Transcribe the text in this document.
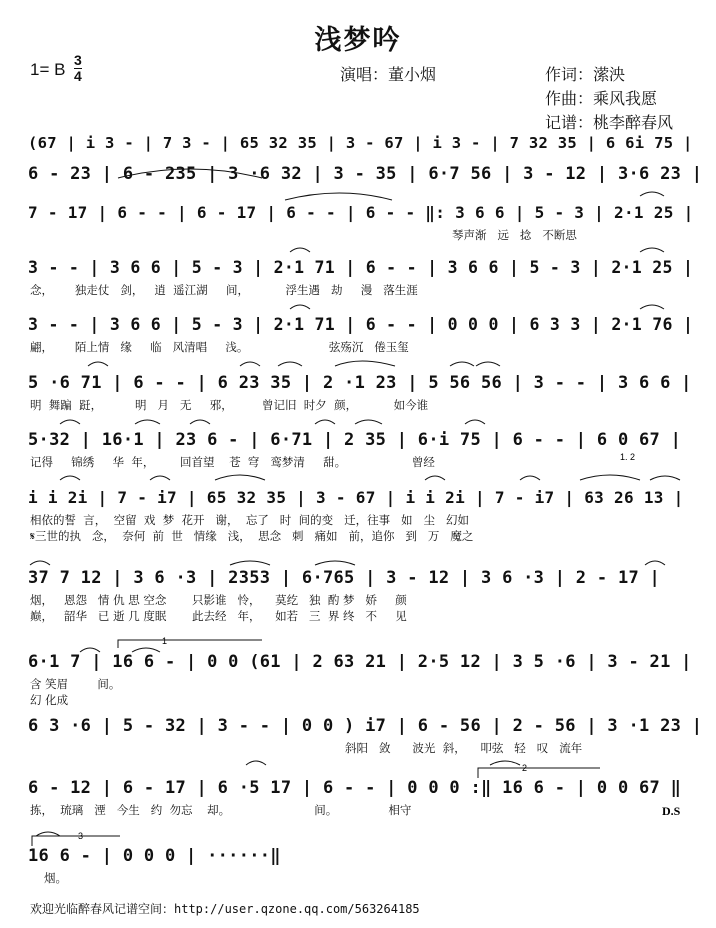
浅梦吟
1= B 3
4	演唱：董小烟	作词：潆泱
作曲：乘风我愿
记谱：桃李醉春风
(67 | i 3 - | 7 3 - | 65 32 35 | 3 - 67 | i 3 - | 7 32 35 | 6 6i 75 |
6 - 23 | 6 - 235 | 3 ·6 32 | 3 - 35 | 6·7 56 | 3 - 12 | 3·6 23 |
7 - 17 | 6 - - | 6 - 17 | 6 - - | 6 - - ‖: 3 6 6 | 5 - 3 | 2·1 25 |
琴声渐   远   捻   不断思
3 - - | 3 6 6 | 5 - 3 | 2·1 71 | 6 - - | 3 6 6 | 5 - 3 | 2·1 25 |
念，      独走仗   剑，   逍  遥江湖     间，          浮生遇   劫     漫   落生涯
3 - - | 3 6 6 | 5 - 3 | 2·1 71 | 6 - - | 0 0 0 | 6 3 3 | 2·1 76 |
翩，      陌上情   缘     临   风清唱     浅。                      弦殇沉   倦玉玺
5 ·6 71 | 6 - - | 6 23 35 | 2 ·1 23 | 5 56 56 | 3 - - | 3 6 6 |
明  舞蹁  跹，         明   月   无     邪，        曾记旧  时夕  颜，          如今谁
5·32 | 16·1 | 23 6 - | 6·71 | 2 35 | 6·i 75 | 6 - - | 6 0 67 |
记得     锦绣     华  年，       回首望    苍  穹   鸾梦清     甜。                  曾经
i i 2i | 7 - i7 | 65 32 35 | 3 - 67 | i i 2i | 7 - i7 | 63 26 13 |
相依的誓  言，  空留  戏  梦  花开   谢，  忘了   时  间的变   迁，往事   如   尘   幻如
𝄋三世的执   念，  奈何  前  世   情缘   浅，  思念   刺   痛如   前，追你   到   万   魔之
37 7 12 | 3 6 ·3 | 2353 | 6·765 | 3 - 12 | 3 6 ·3 | 2 - 17 |
烟，   恩怨   情 仇 思 空念       只影谁   怜，    莫纥   独  酌 梦   娇     颜
巅，   韶华   已 逝 几 度眠       此去经   年，    如若   三  界 终   不     见
6·1 7 | 16 6 - | 0 0 (61 | 2 63 21 | 2·5 12 | 3 5 ·6 | 3 - 21 |
含 笑眉        间。
幻 化成
6 3 ·6 | 5 - 32 | 3 - - | 0 0 ) i7 | 6 - 56 | 2 - 56 | 3 ·1 23 |
斜阳   敛      波光  斜，    叩弦   轻   叹   流年
6 - 12 | 6 - 17 | 6 ·5 17 | 6 - - | 0 0 0 :‖ 16 6 - | 0 0 67 ‖
拣，  琉璃   湮   今生   约  勿忘    却。                       间。              相守
16 6 - | 0 0 0 | ······‖
烟。
1
2
3
1. 2
D.S
欢迎光临醉春风记谱空间：http://user.qzone.qq.com/563264185
